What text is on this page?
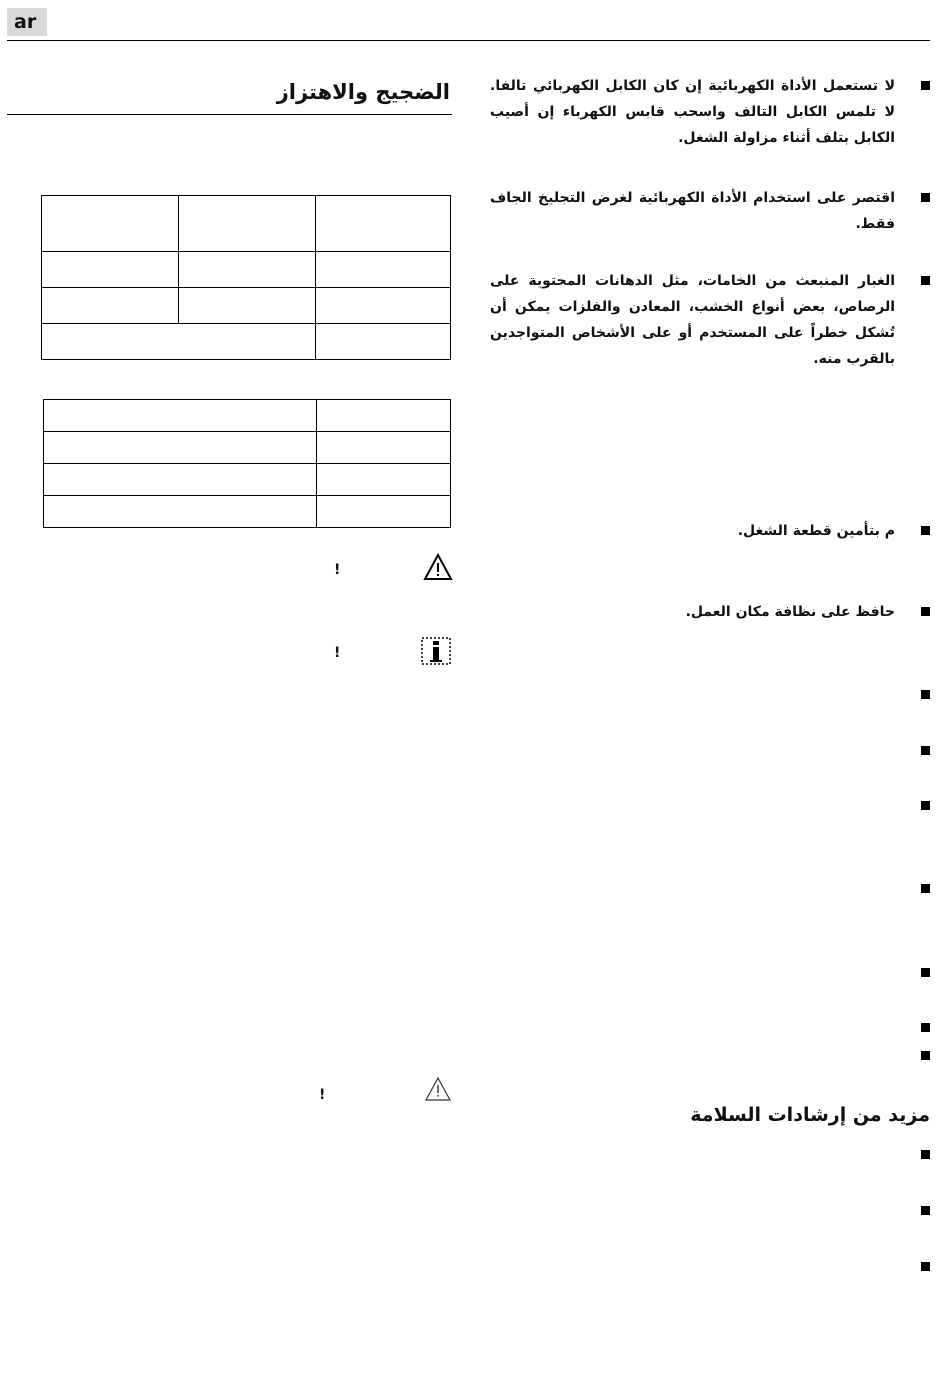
ar
الضجيج والاهتزاز

!
!
!
لا تستعمل الأداة الكهربائية إن كان الكابل الكهربائي تالفا. لا تلمس الكابل التالف واسحب قابس الكهرباء إن أصيب الكابل بتلف أثناء مزاولة الشغل.
اقتصر على استخدام الأداة الكهربائية لغرض التجليخ الجاف فقط.
الغبار المنبعث من الخامات، مثل الدهانات المحتوية على الرصاص، بعض أنواع الخشب، المعادن والفلزات يمكن أن تُشكل خطراً على المستخدم أو على الأشخاص المتواجدين بالقرب منه.
م بتأمين قطعة الشغل.
حافظ على نظافة مكان العمل.
مزيد من إرشادات السلامة
